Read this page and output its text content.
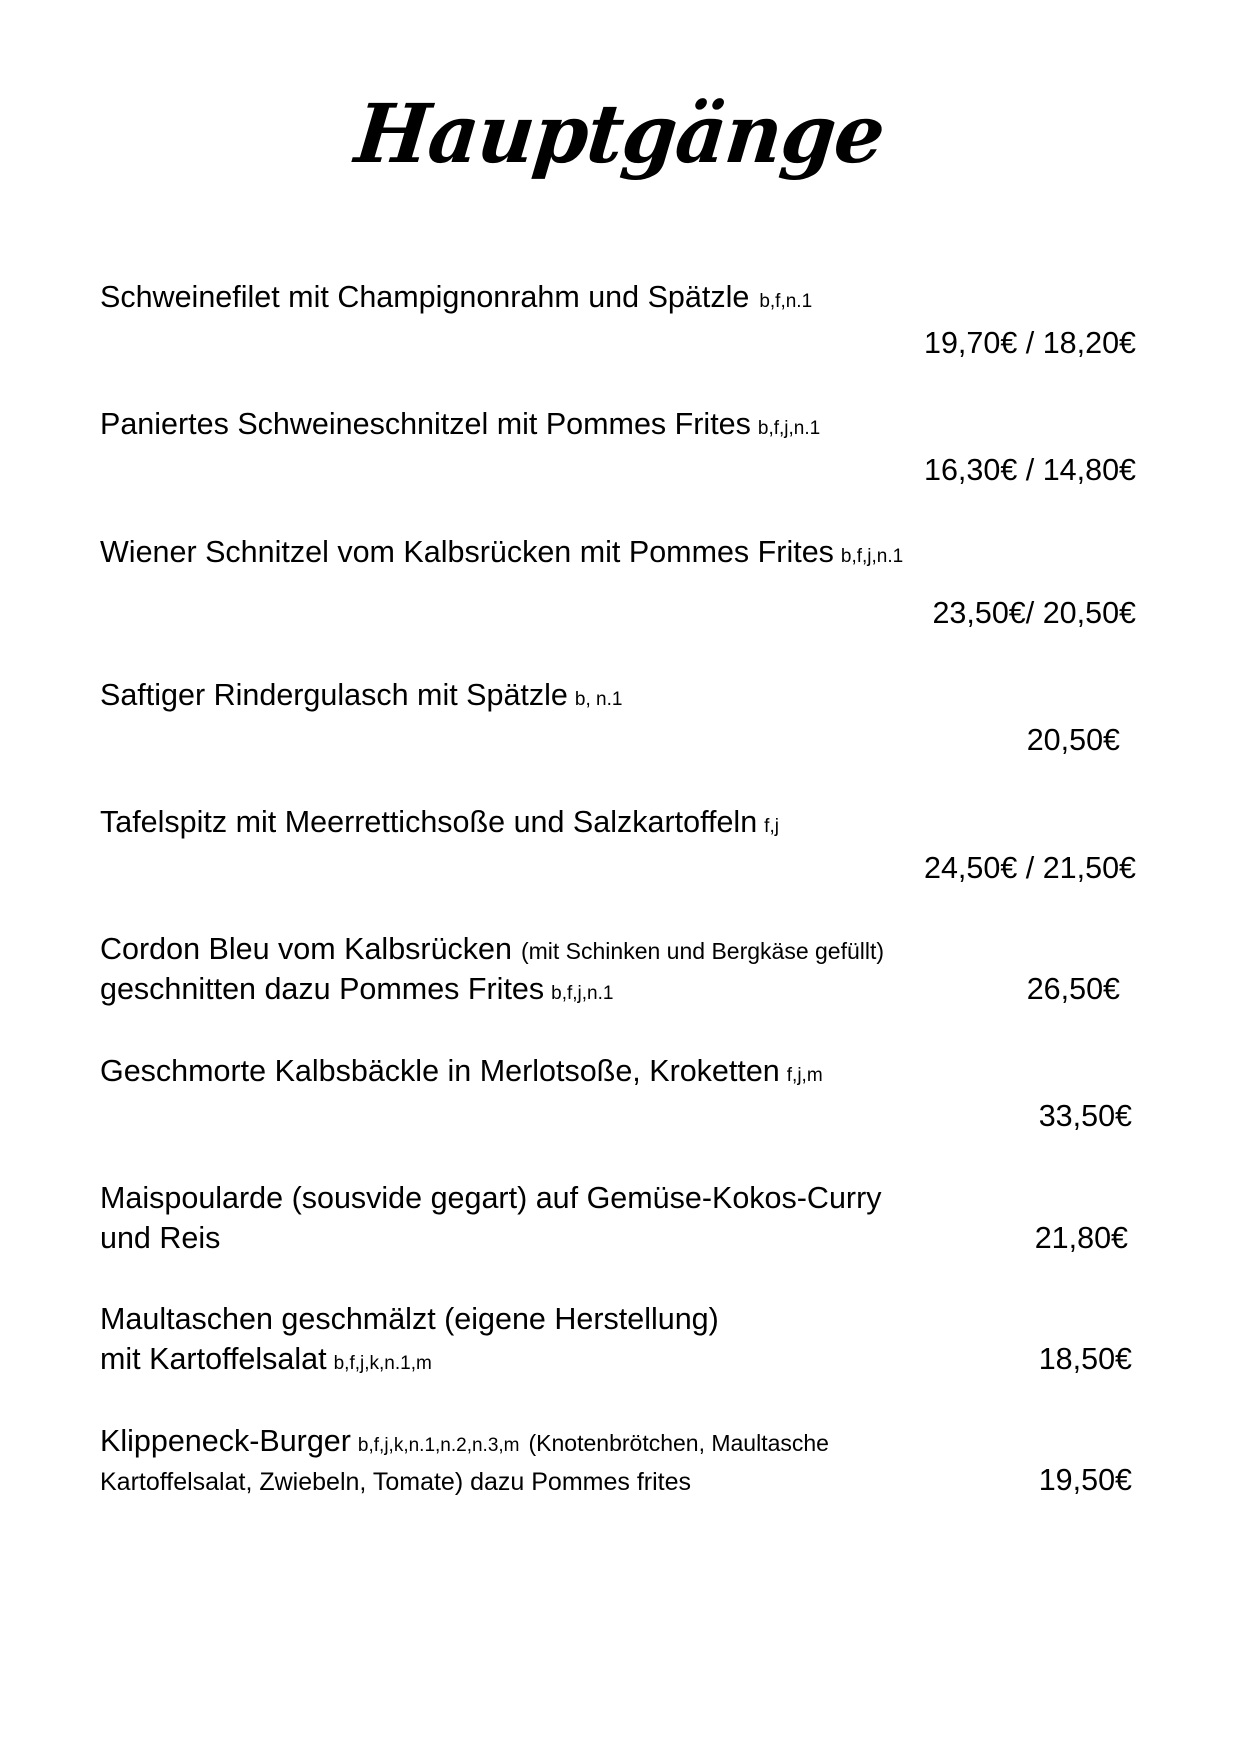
Hauptgänge
Schweinefilet mit Champignonrahm und Spätzle b,f,n.1
19,70€ / 18,20€
Paniertes Schweineschnitzel mit Pommes Frites b,f,j,n.1
16,30€ / 14,80€
Wiener Schnitzel vom Kalbsrücken mit Pommes Frites b,f,j,n.1
23,50€/ 20,50€
Saftiger Rindergulasch mit Spätzle b, n.1
20,50€
Tafelspitz mit Meerrettichsoße und Salzkartoffeln f,j
24,50€ / 21,50€
Cordon Bleu vom Kalbsrücken (mit Schinken und Bergkäse gefüllt)
geschnitten dazu Pommes Frites b,f,j,n.1	26,50€
Geschmorte Kalbsbäckle in Merlotsoße, Kroketten f,j,m
33,50€
Maispoularde (sousvide gegart) auf Gemüse-Kokos-Curry
und Reis	21,80€
Maultaschen geschmälzt (eigene Herstellung)
mit Kartoffelsalat b,f,j,k,n.1,m	18,50€
Klippeneck-Burger b,f,j,k,n.1,n.2,n.3,m (Knotenbrötchen, Maultasche
Kartoffelsalat, Zwiebeln, Tomate) dazu Pommes frites	19,50€
